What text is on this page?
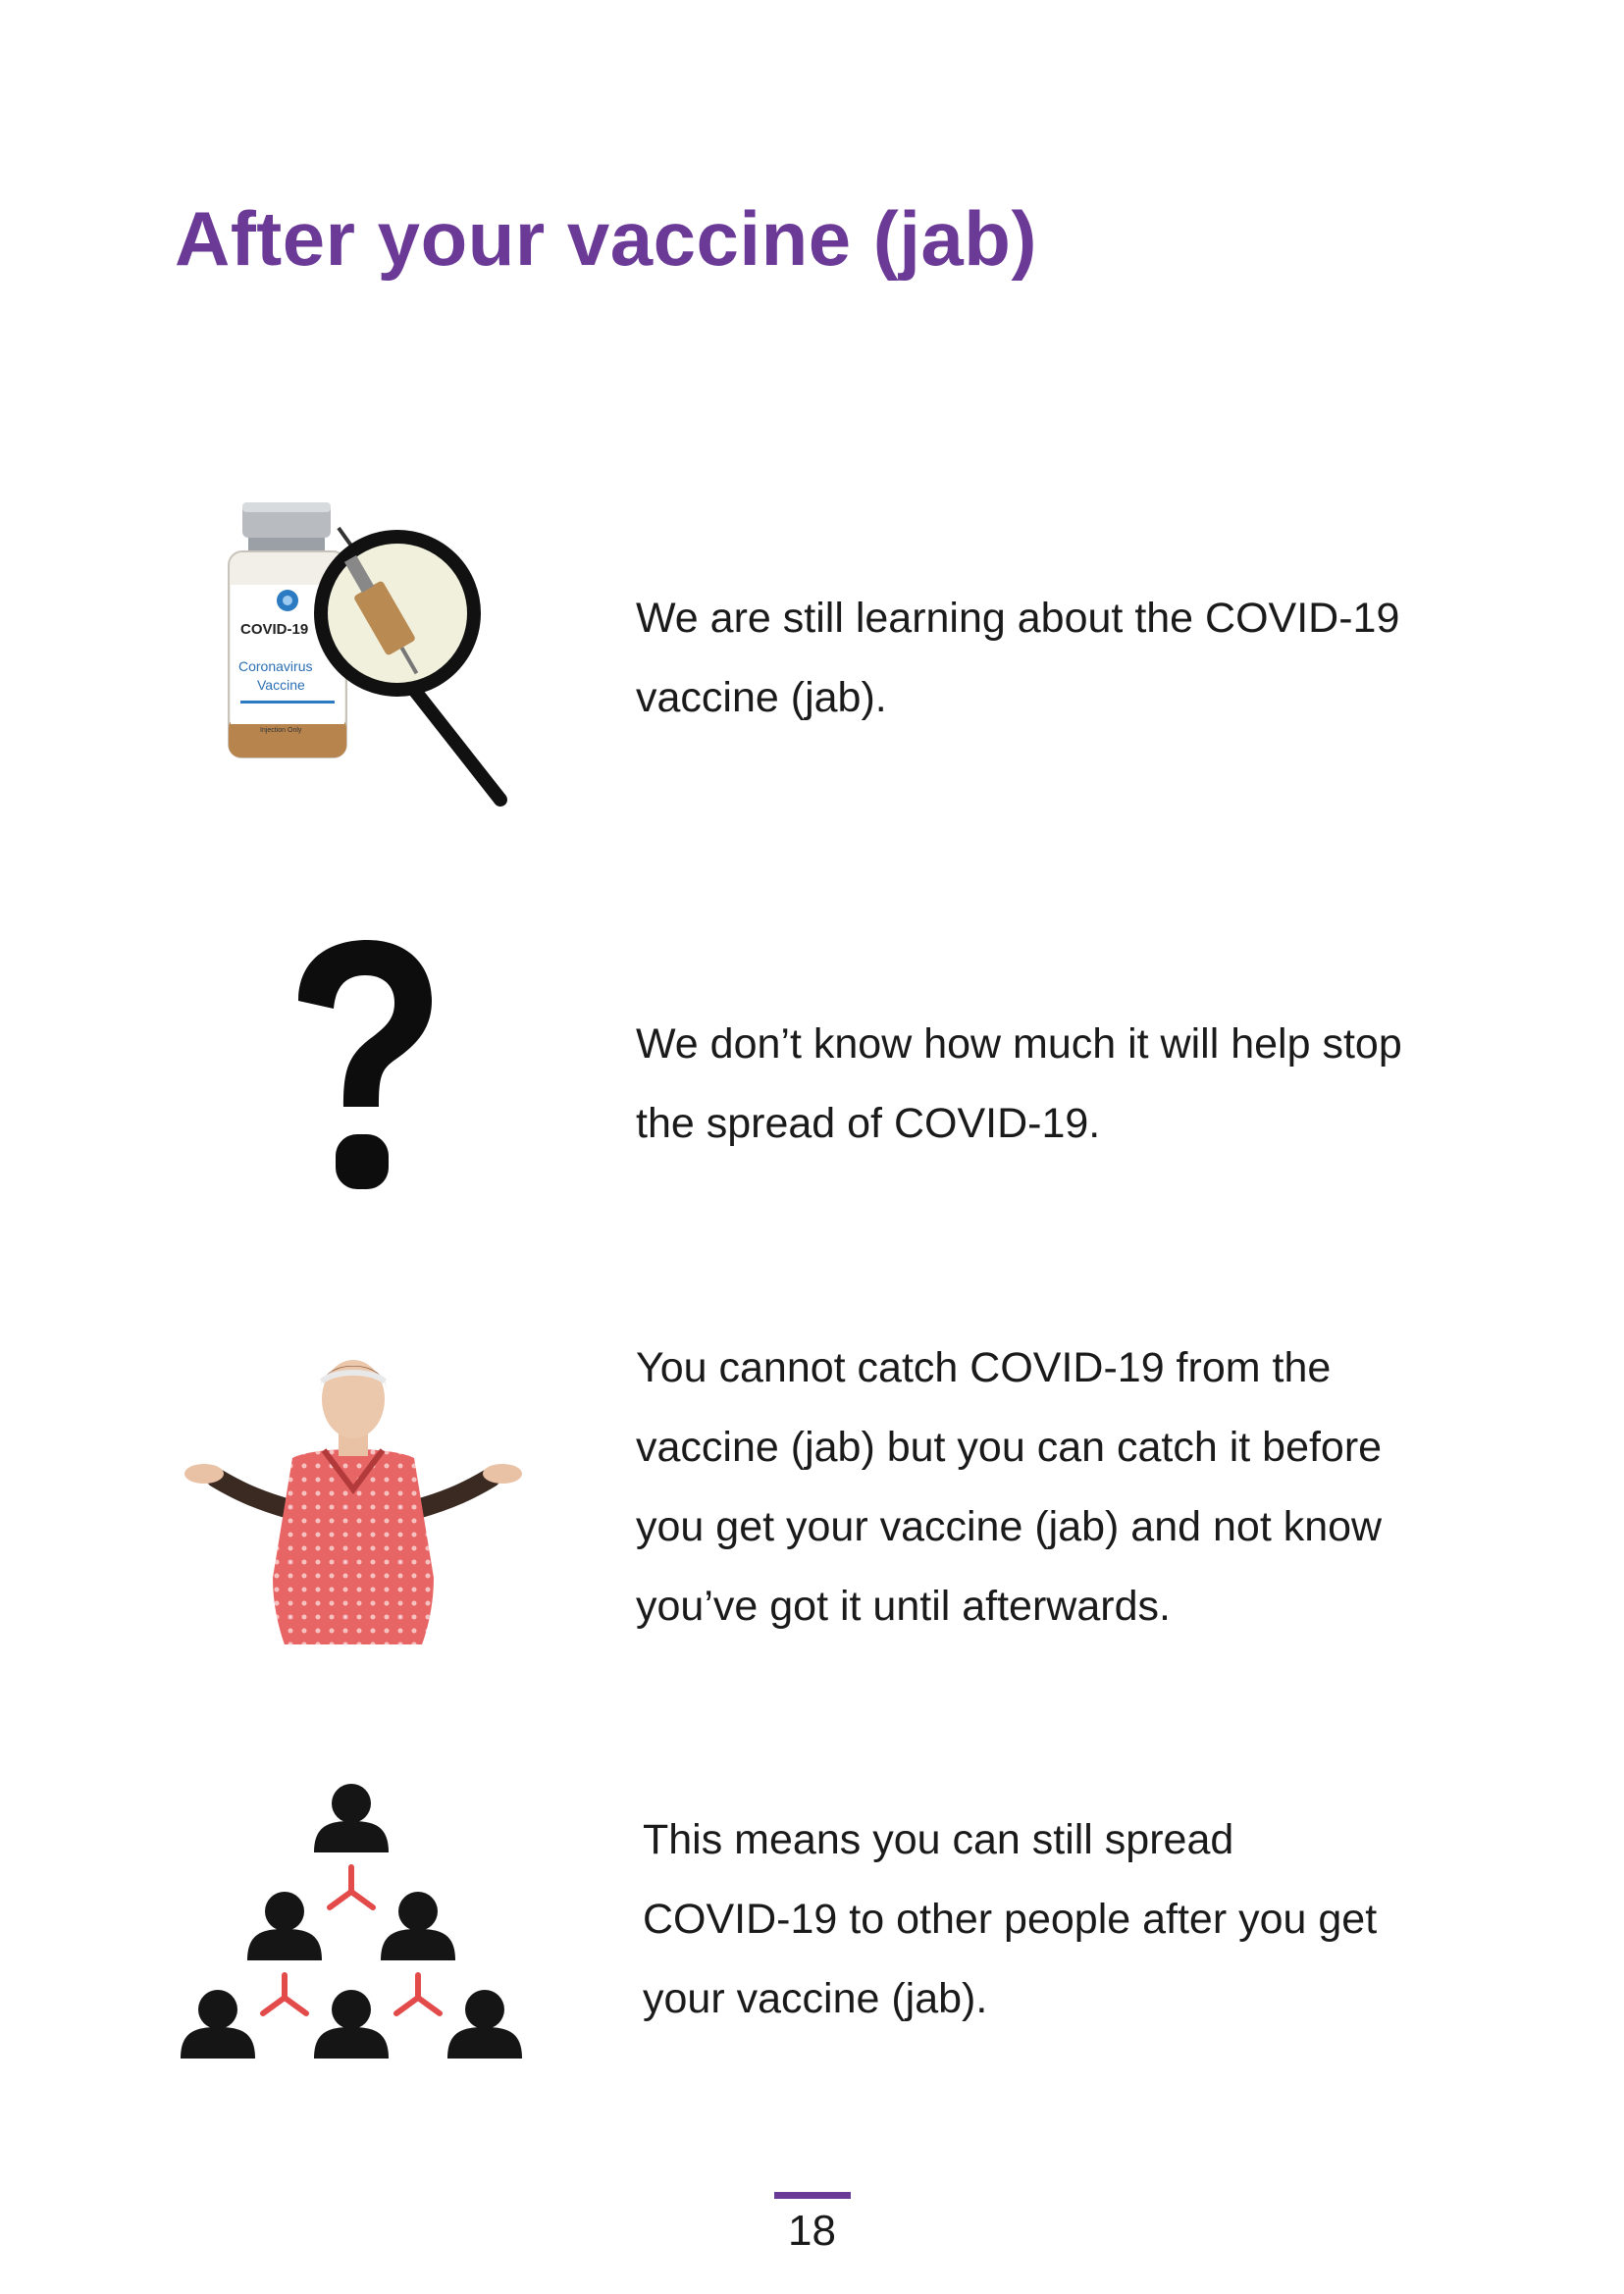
After your vaccine (jab)
COVID-19
Coronavirus
Vaccine
Injection Only

We are still learning about the COVID-19
vaccine (jab).

We don’t know how much it will help stop
the spread of COVID-19.

You cannot catch COVID-19 from the
vaccine (jab) but you can catch it before
you get your vaccine (jab) and not know
you’ve got it until afterwards.

This means you can still spread
COVID-19 to other people after you get
your vaccine (jab).

18
